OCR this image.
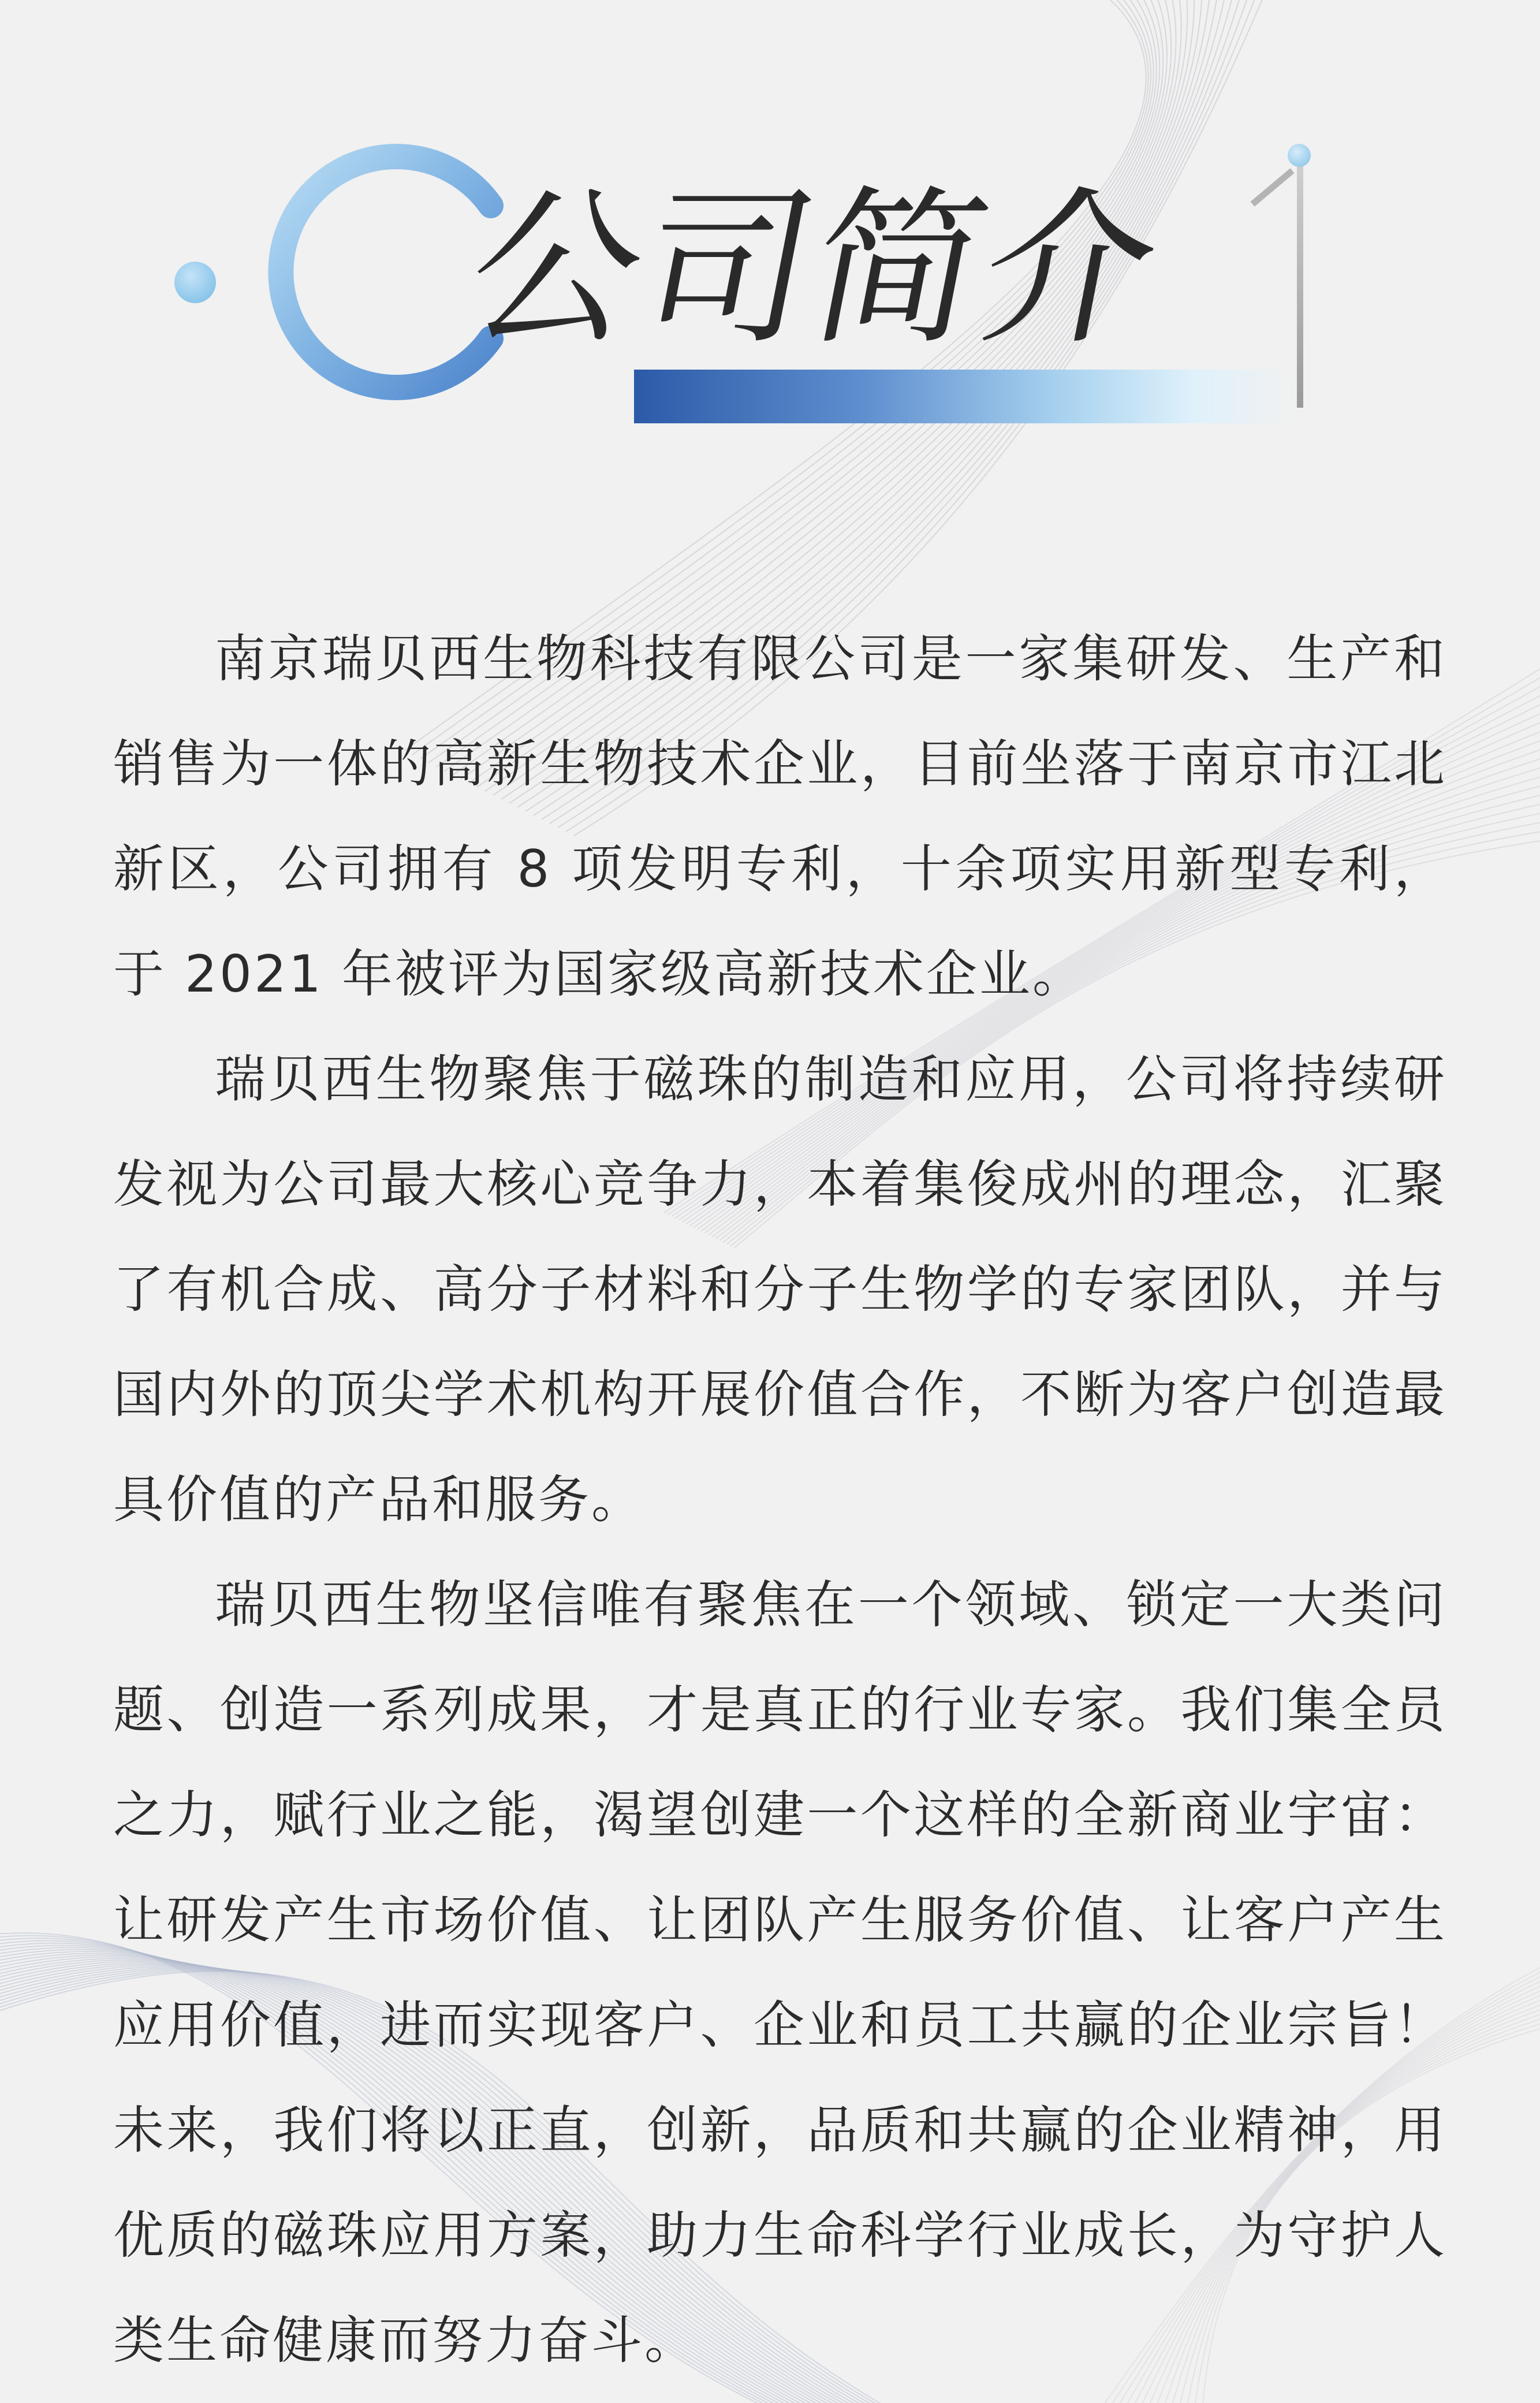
公司简介

南京瑞贝西生物科技有限公司是一家集研发、生产和销售为一体的高新生物技术企业，目前坐落于南京市江北新区，公司拥有 8 项发明专利，十余项实用新型专利，于 2021 年被评为国家级高新技术企业。

瑞贝西生物聚焦于磁珠的制造和应用，公司将持续研发视为公司最大核心竞争力，本着集俊成州的理念，汇聚了有机合成、高分子材料和分子生物学的专家团队，并与国内外的顶尖学术机构开展价值合作，不断为客户创造最具价值的产品和服务。

瑞贝西生物坚信唯有聚焦在一个领域、锁定一大类问题、创造一系列成果，才是真正的行业专家。我们集全员之力，赋行业之能，渴望创建一个这样的全新商业宇宙：让研发产生市场价值、让团队产生服务价值、让客户产生应用价值，进而实现客户、企业和员工共赢的企业宗旨！未来，我们将以正直，创新，品质和共赢的企业精神，用优质的磁珠应用方案，助力生命科学行业成长，为守护人类生命健康而努力奋斗。
